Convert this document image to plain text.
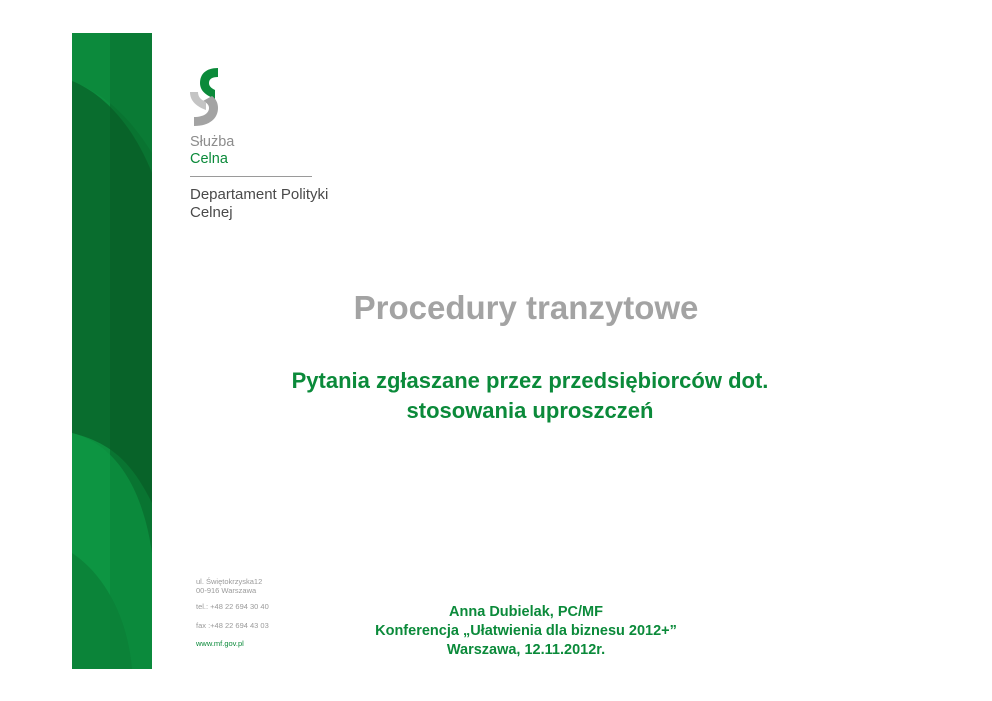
Służba
Celna
Departament Polityki
Celnej
Procedury tranzytowe
Pytania zgłaszane przez przedsiębiorców dot.
stosowania uproszczeń
ul. Świętokrzyska12
00-916 Warszawa
tel.: +48 22 694 30 40
fax :+48 22 694 43 03
www.mf.gov.pl
Anna Dubielak, PC/MF
Konferencja „Ułatwienia dla biznesu 2012+”
Warszawa, 12.11.2012r.
